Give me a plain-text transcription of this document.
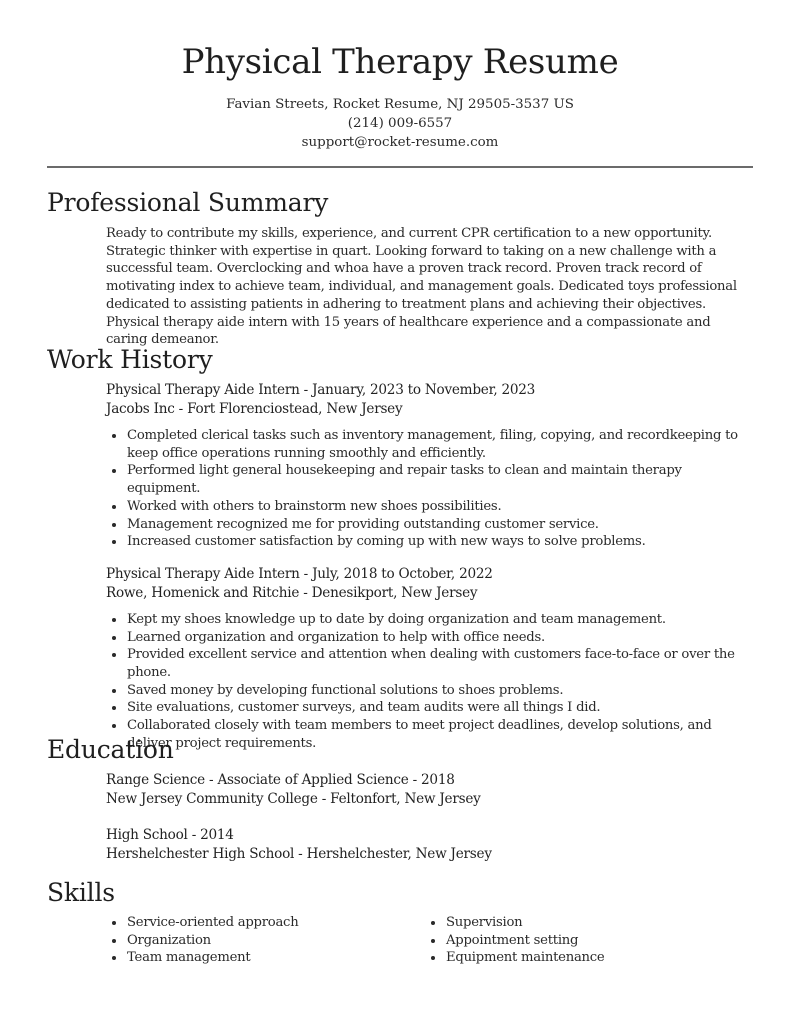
Physical Therapy Resume
Favian Streets, Rocket Resume, NJ 29505-3537 US
(214) 009-6557
support@rocket-resume.com
Professional Summary
Ready to contribute my skills, experience, and current CPR certification to a new opportunity. Strategic thinker with expertise in quart. Looking forward to taking on a new challenge with a successful team. Overclocking and whoa have a proven track record. Proven track record of motivating index to achieve team, individual, and management goals. Dedicated toys professional dedicated to assisting patients in adhering to treatment plans and achieving their objectives. Physical therapy aide intern with 15 years of healthcare experience and a compassionate and caring demeanor.
Work History
Physical Therapy Aide Intern - January, 2023 to November, 2023
Jacobs Inc - Fort Florenciostead, New Jersey
Completed clerical tasks such as inventory management, filing, copying, and recordkeeping to keep office operations running smoothly and efficiently.
Performed light general housekeeping and repair tasks to clean and maintain therapy equipment.
Worked with others to brainstorm new shoes possibilities.
Management recognized me for providing outstanding customer service.
Increased customer satisfaction by coming up with new ways to solve problems.
Physical Therapy Aide Intern - July, 2018 to October, 2022
Rowe, Homenick and Ritchie - Denesikport, New Jersey
Kept my shoes knowledge up to date by doing organization and team management.
Learned organization and organization to help with office needs.
Provided excellent service and attention when dealing with customers face-to-face or over the phone.
Saved money by developing functional solutions to shoes problems.
Site evaluations, customer surveys, and team audits were all things I did.
Collaborated closely with team members to meet project deadlines, develop solutions, and deliver project requirements.
Education
Range Science - Associate of Applied Science - 2018
New Jersey Community College - Feltonfort, New Jersey
High School - 2014
Hershelchester High School - Hershelchester, New Jersey
Skills
Service-oriented approach
Organization
Team management
Supervision
Appointment setting
Equipment maintenance
